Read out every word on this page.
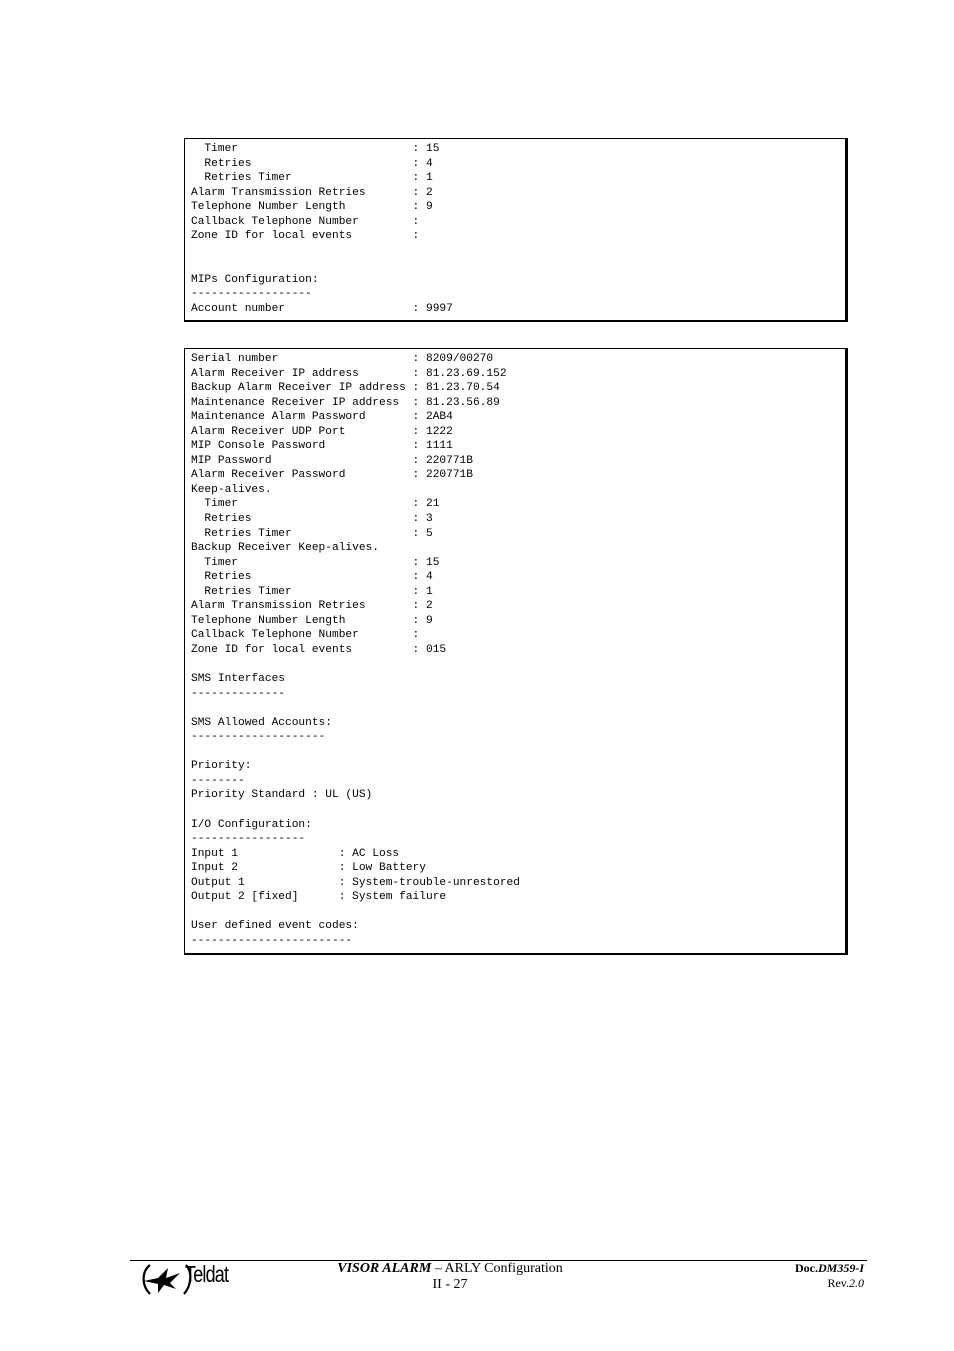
Timer                          : 15
Retries                        : 4
Retries Timer                  : 1
Alarm Transmission Retries       : 2
Telephone Number Length          : 9
Callback Telephone Number        :
Zone ID for local events         :

MIPs Configuration:
------------------
Account number                   : 9997
Serial number                    : 8209/00270
Alarm Receiver IP address        : 81.23.69.152
Backup Alarm Receiver IP address : 81.23.70.54
Maintenance Receiver IP address  : 81.23.56.89
Maintenance Alarm Password       : 2AB4
Alarm Receiver UDP Port          : 1222
MIP Console Password             : 1111
MIP Password                     : 220771B
Alarm Receiver Password          : 220771B
Keep-alives.
Timer                          : 21
Retries                        : 3
Retries Timer                  : 5
Backup Receiver Keep-alives.
Timer                          : 15
Retries                        : 4
Retries Timer                  : 1
Alarm Transmission Retries       : 2
Telephone Number Length          : 9
Callback Telephone Number        :
Zone ID for local events         : 015

SMS Interfaces
--------------

SMS Allowed Accounts:
--------------------

Priority:
--------
Priority Standard : UL (US)

I/O Configuration:
-----------------
Input 1               : AC Loss
Input 2               : Low Battery
Output 1              : System-trouble-unrestored
Output 2 [fixed]      : System failure

User defined event codes:
------------------------
Teldat	VISOR ALARM – ARLY Configuration
II - 27
Doc.DM359-I
Rev.2.0
